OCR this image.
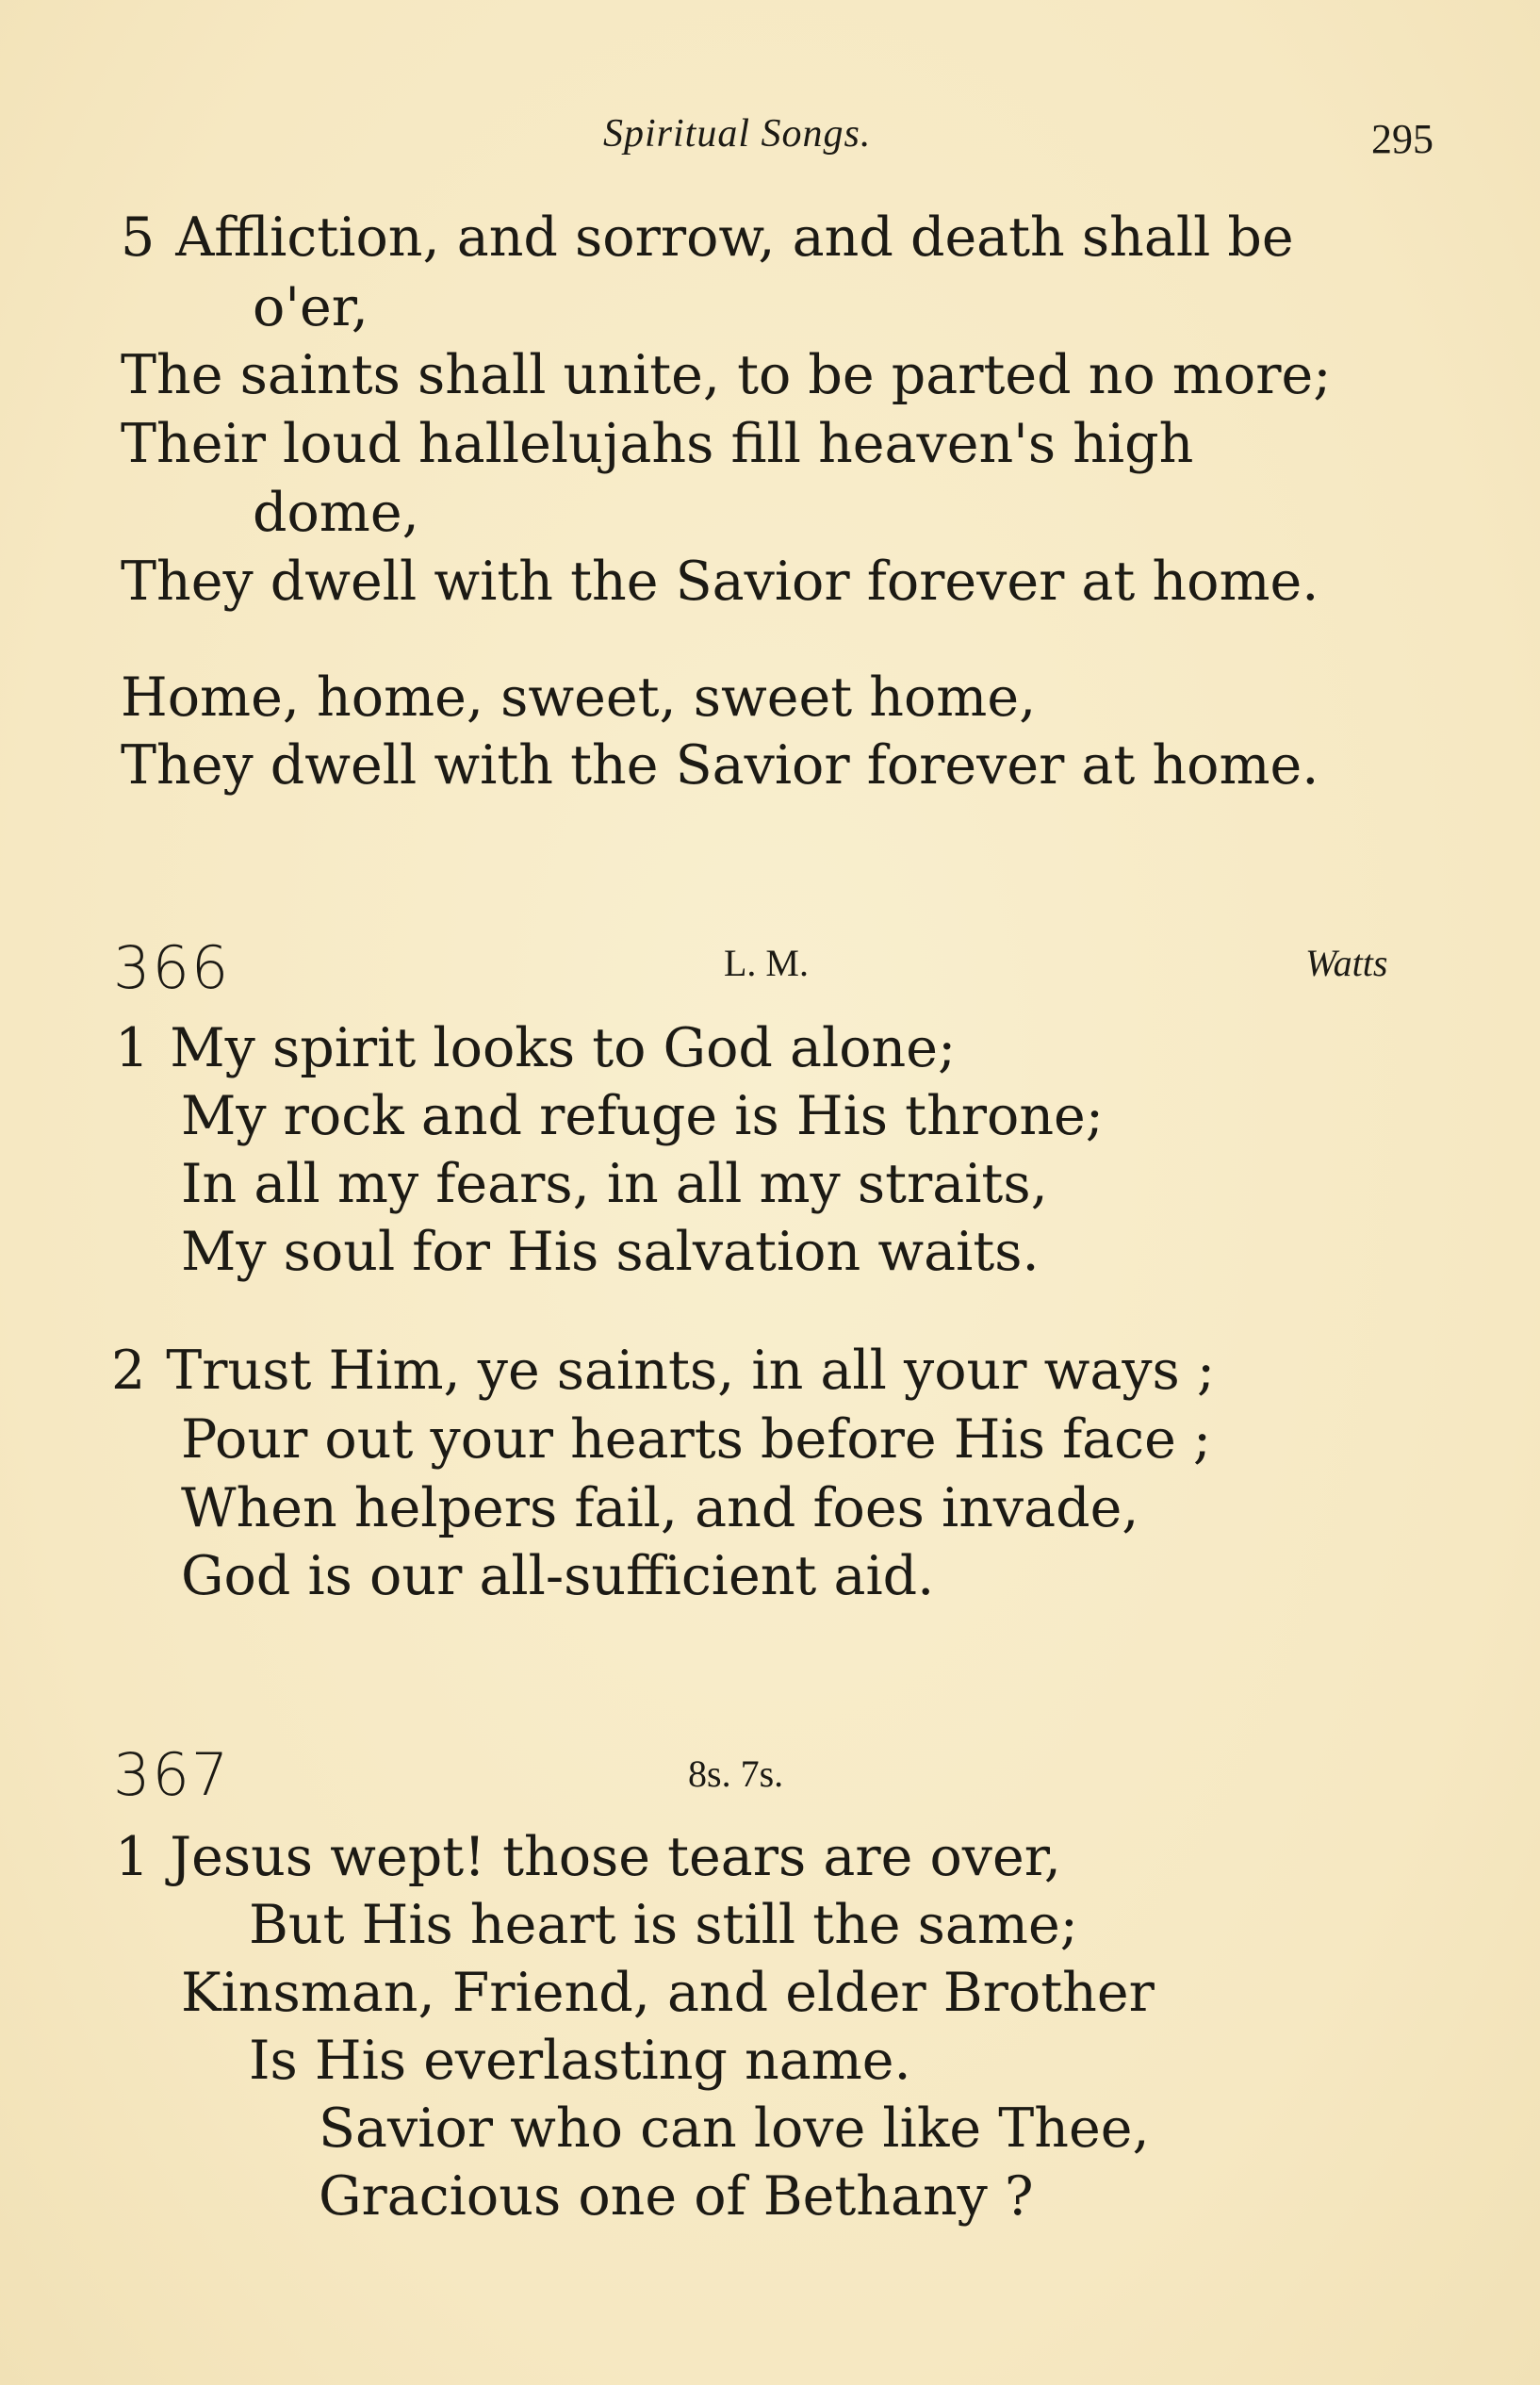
Spiritual Songs.	295
5 Affliction, and sorrow, and death shall be
o'er,
The saints shall unite, to be parted no more;
Their loud hallelujahs fill heaven's high
dome,
They dwell with the Savior forever at home.
Home, home, sweet, sweet home,
They dwell with the Savior forever at home.
366	L. M.	Watts
1 My spirit looks to God alone;
My rock and refuge is His throne;
In all my fears, in all my straits,
My soul for His salvation waits.
2 Trust Him, ye saints, in all your ways ;
Pour out your hearts before His face ;
When helpers fail, and foes invade,
God is our all-sufficient aid.
367	8s. 7s.
1 Jesus wept! those tears are over,
But His heart is still the same;
Kinsman, Friend, and elder Brother
Is His everlasting name.
Savior who can love like Thee,
Gracious one of Bethany ?
